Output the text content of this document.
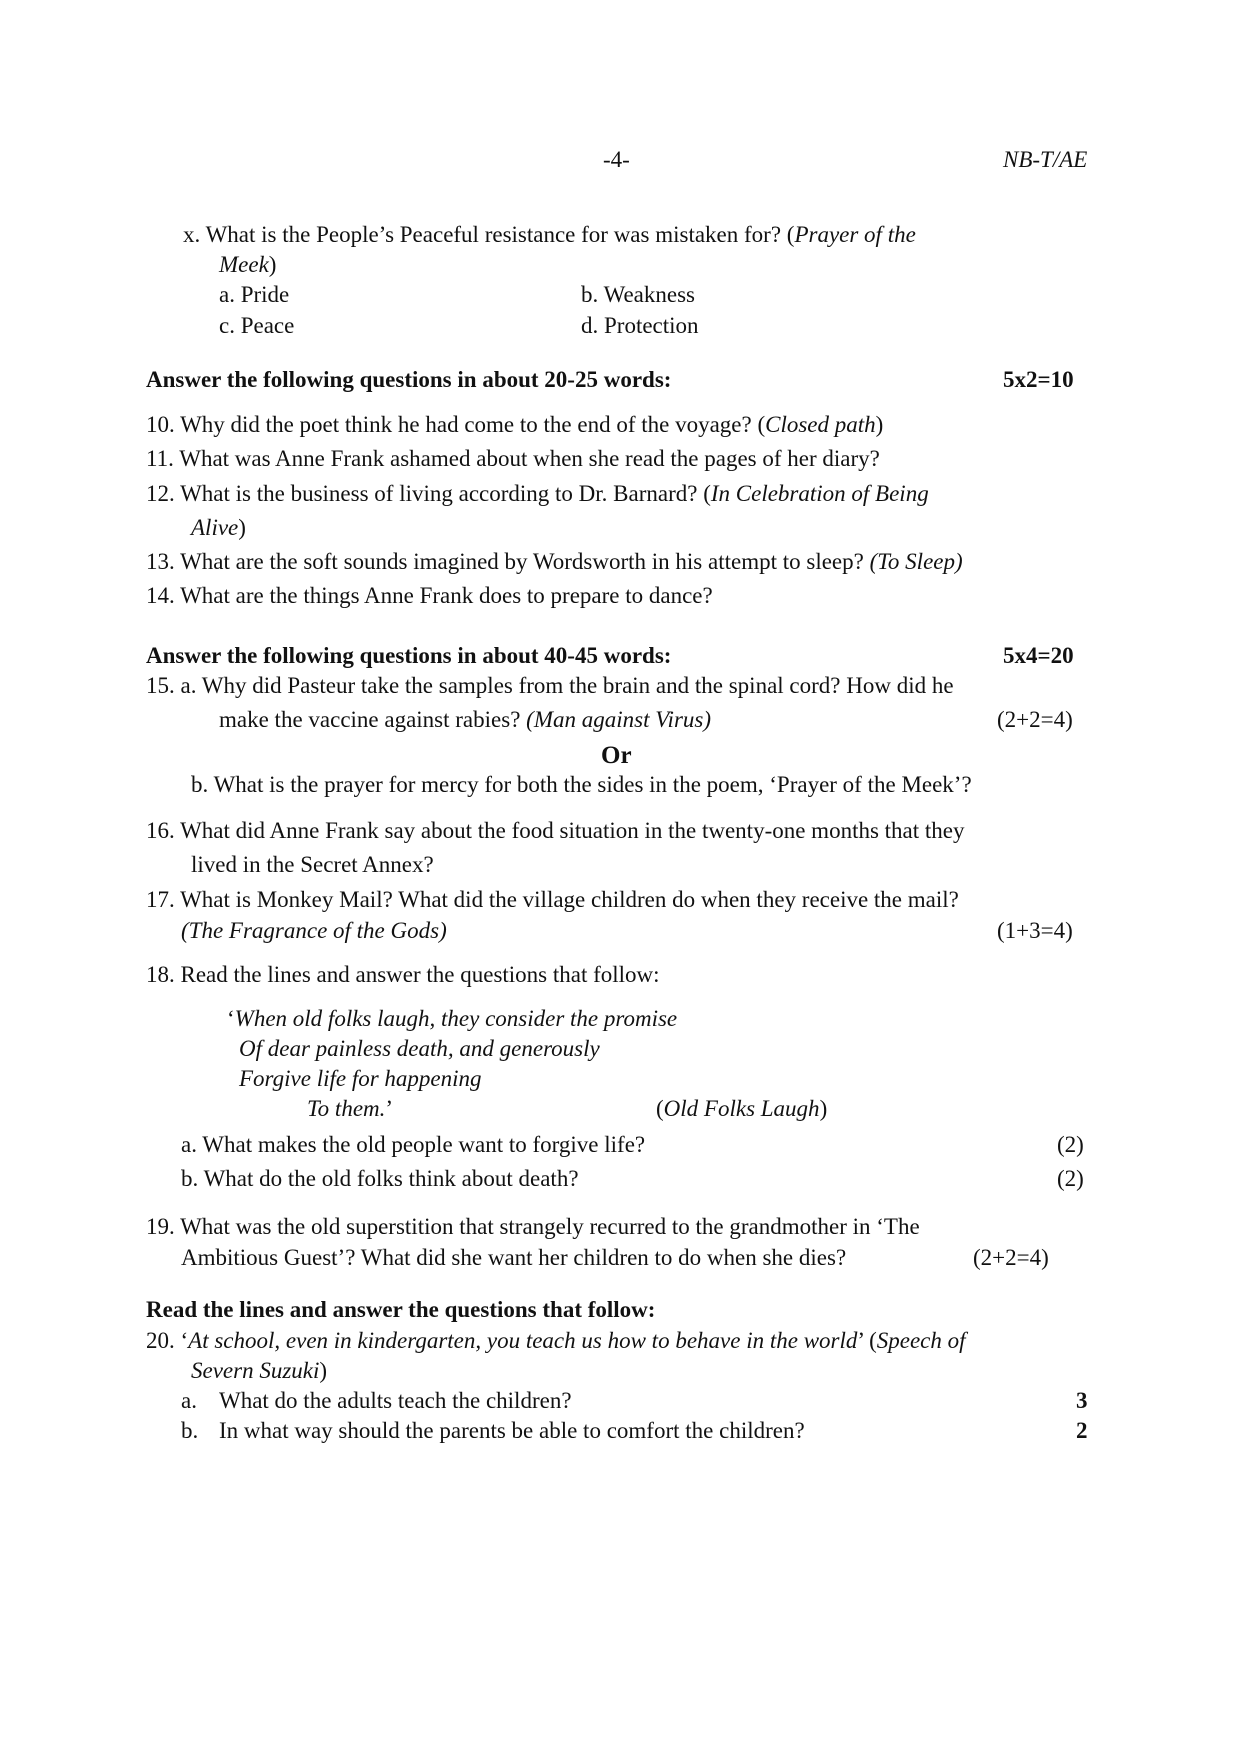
-4-	NB-T/AE
x. What is the People’s Peaceful resistance for was mistaken for? (Prayer of the
Meek)
a. Pride	b. Weakness
c. Peace	d. Protection
Answer the following questions in about 20-25 words:	5x2=10
10. Why did the poet think he had come to the end of the voyage? (Closed path)
11. What was Anne Frank ashamed about when she read the pages of her diary?
12. What is the business of living according to Dr. Barnard? (In Celebration of Being
Alive)
13. What are the soft sounds imagined by Wordsworth in his attempt to sleep? (To Sleep)
14. What are the things Anne Frank does to prepare to dance?
Answer the following questions in about 40-45 words:	5x4=20
15. a. Why did Pasteur take the samples from the brain and the spinal cord? How did he
make the vaccine against rabies? (Man against Virus)	(2+2=4)
Or
b. What is the prayer for mercy for both the sides in the poem, ‘Prayer of the Meek’?
16. What did Anne Frank say about the food situation in the twenty-one months that they
lived in the Secret Annex?
17. What is Monkey Mail? What did the village children do when they receive the mail?
(The Fragrance of the Gods)	(1+3=4)
18. Read the lines and answer the questions that follow:
‘When old folks laugh, they consider the promise
Of dear painless death, and generously
Forgive life for happening
To them.’	(Old Folks Laugh)
a. What makes the old people want to forgive life?	(2)
b. What do the old folks think about death?	(2)
19. What was the old superstition that strangely recurred to the grandmother in ‘The
Ambitious Guest’? What did she want her children to do when she dies?	(2+2=4)
Read the lines and answer the questions that follow:
20. ‘At school, even in kindergarten, you teach us how to behave in the world’ (Speech of
Severn Suzuki)
a. What do the adults teach the children?	3
b. In what way should the parents be able to comfort the children?	2
